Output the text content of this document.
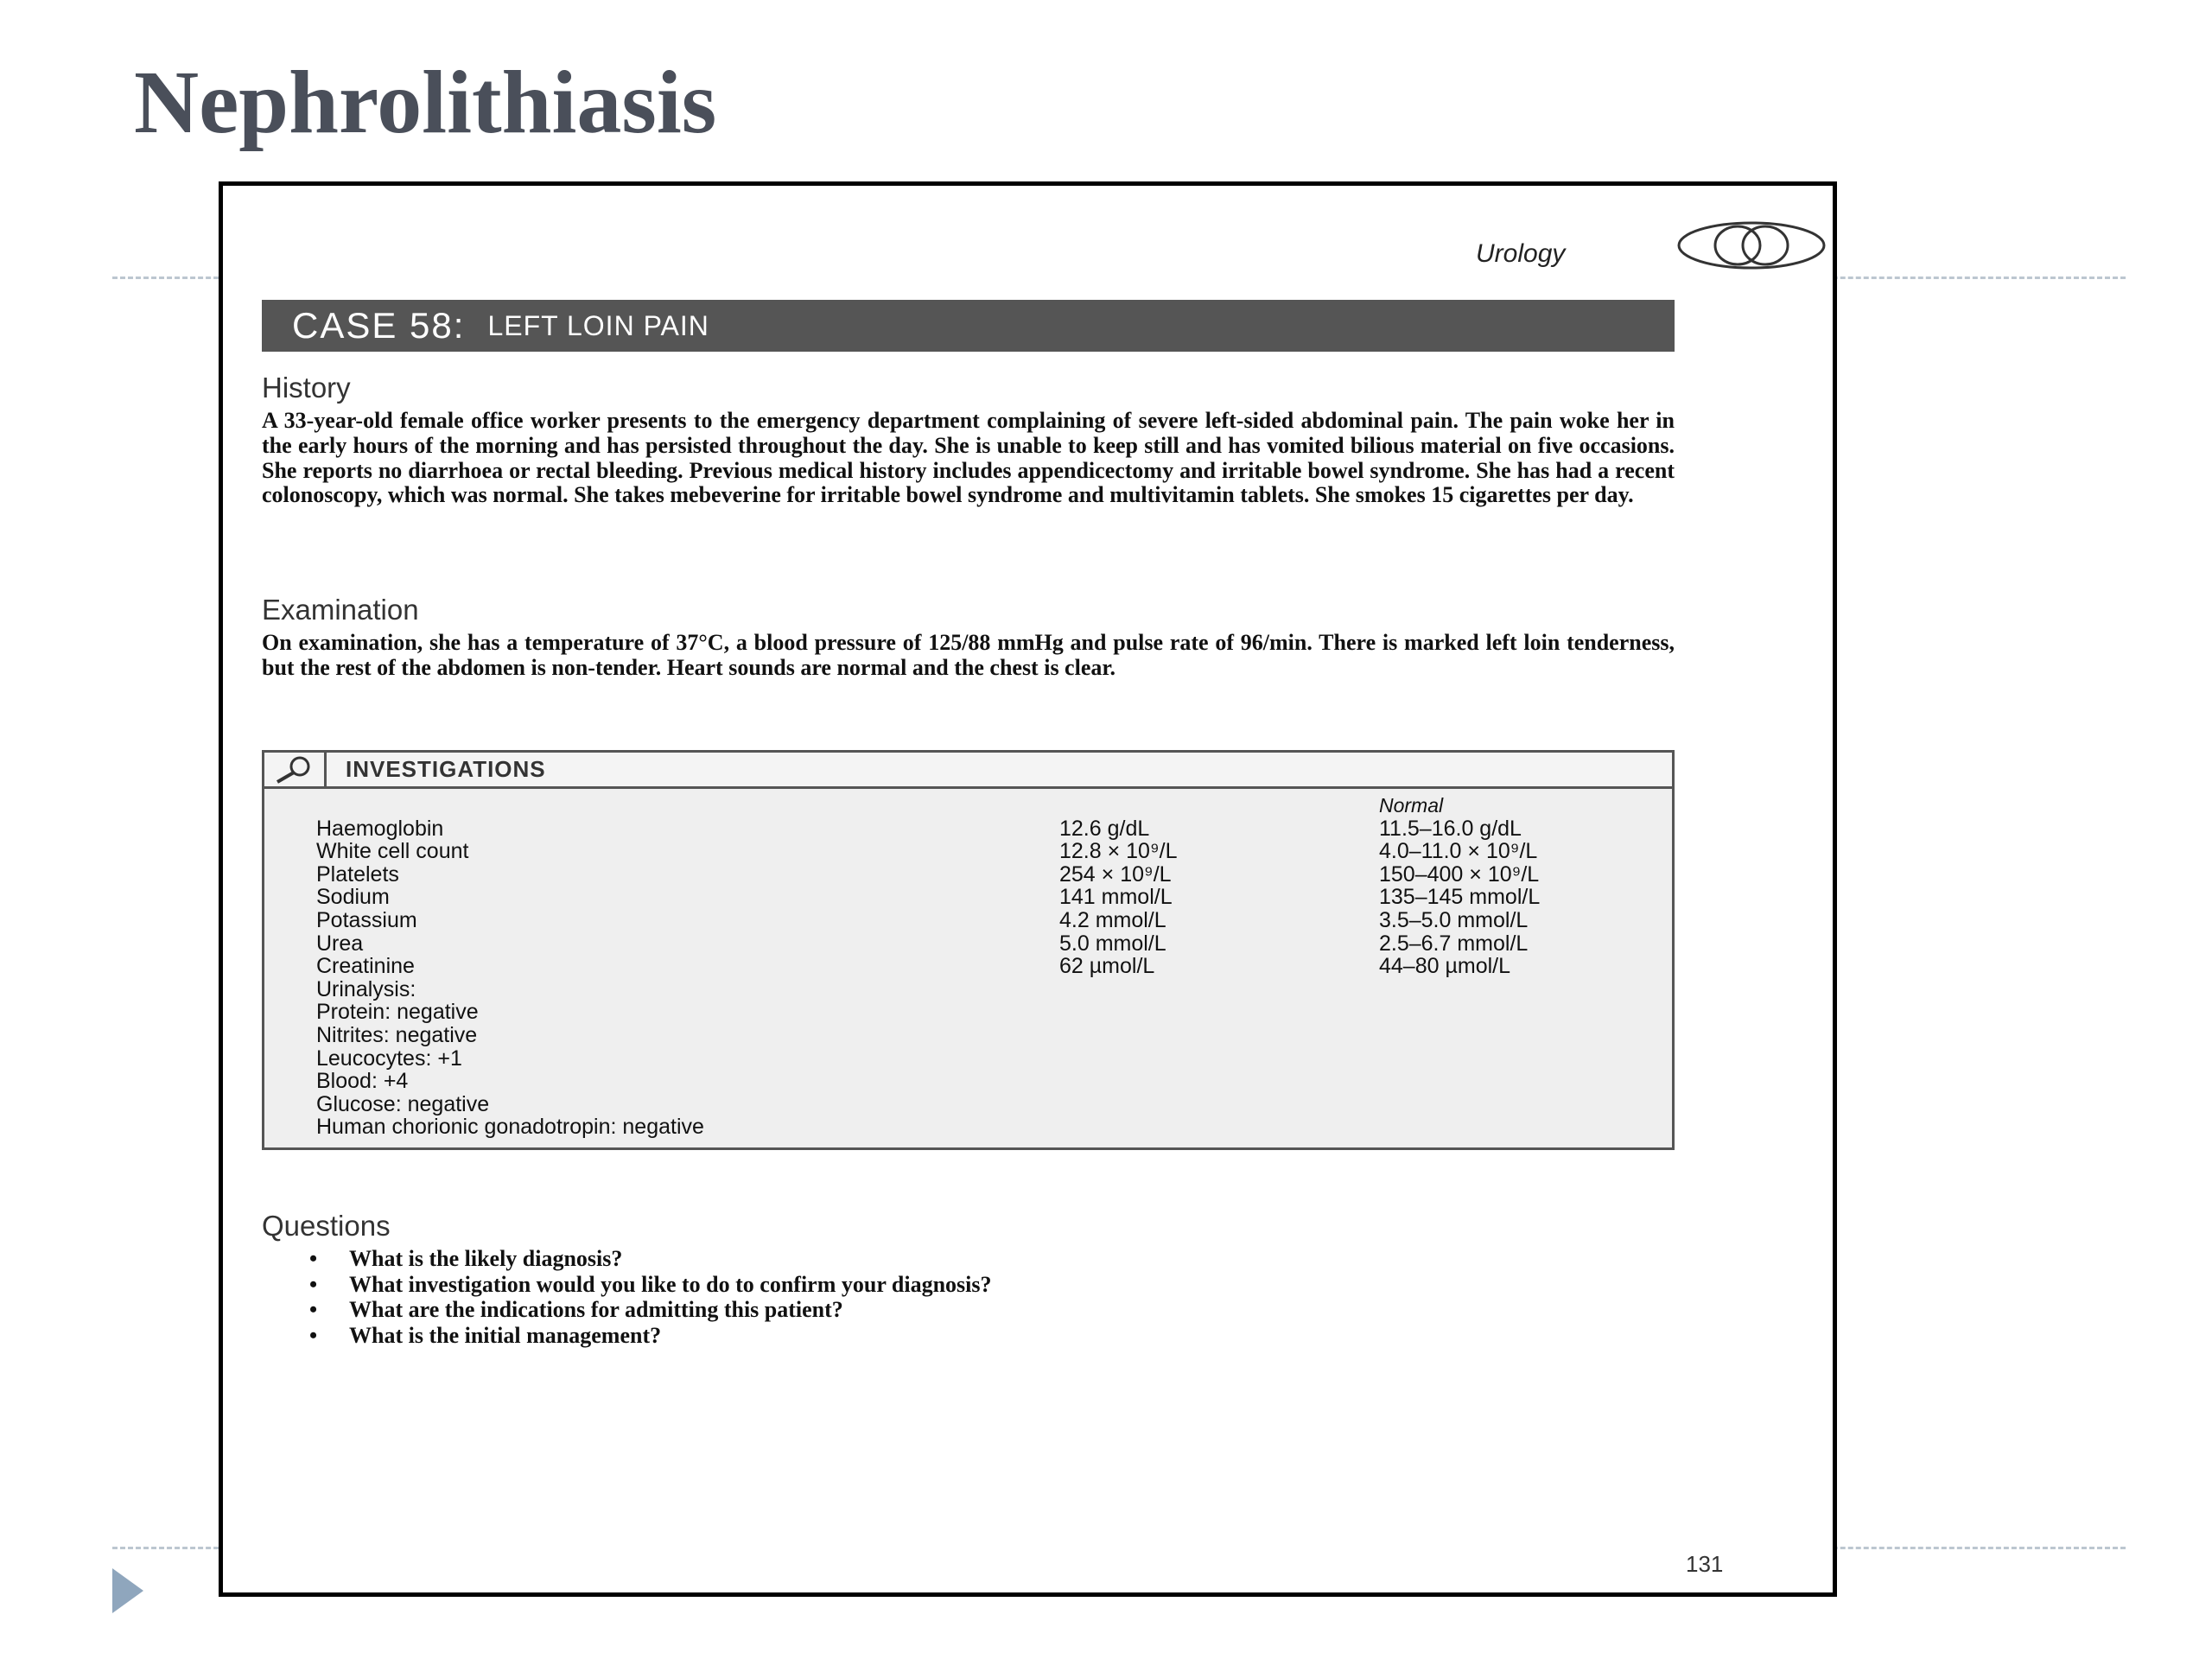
Nephrolithiasis
Urology
CASE 58: LEFT LOIN PAIN
History

A 33-year-old female office worker presents to the emergency department complaining of severe left-sided abdominal pain. The pain woke her in the early hours of the morning and has persisted throughout the day. She is unable to keep still and has vomited bilious material on five occasions. She reports no diarrhoea or rectal bleeding. Previous medical history includes appendicectomy and irritable bowel syndrome. She has had a recent colonoscopy, which was normal. She takes mebeverine for irritable bowel syndrome and multivitamin tablets. She smokes 15 cigarettes per day.

Examination

On examination, she has a temperature of 37°C, a blood pressure of 125/88 mmHg and pulse rate of 96/min. There is marked left loin tenderness, but the rest of the abdomen is non-tender. Heart sounds are normal and the chest is clear.

INVESTIGATIONS
Normal
Haemoglobin	12.6 g/dL	11.5–16.0 g/dL
White cell count	12.8 × 10⁹/L	4.0–11.0 × 10⁹/L
Platelets	254 × 10⁹/L	150–400 × 10⁹/L
Sodium	141 mmol/L	135–145 mmol/L
Potassium	4.2 mmol/L	3.5–5.0 mmol/L
Urea	5.0 mmol/L	2.5–6.7 mmol/L
Creatinine	62 µmol/L	44–80 µmol/L
Urinalysis:
Protein: negative
Nitrites: negative
Leucocytes: +1
Blood: +4
Glucose: negative
Human chorionic gonadotropin: negative
Questions
• What is the likely diagnosis?
• What investigation would you like to do to confirm your diagnosis?
• What are the indications for admitting this patient?
• What is the initial management?
131
